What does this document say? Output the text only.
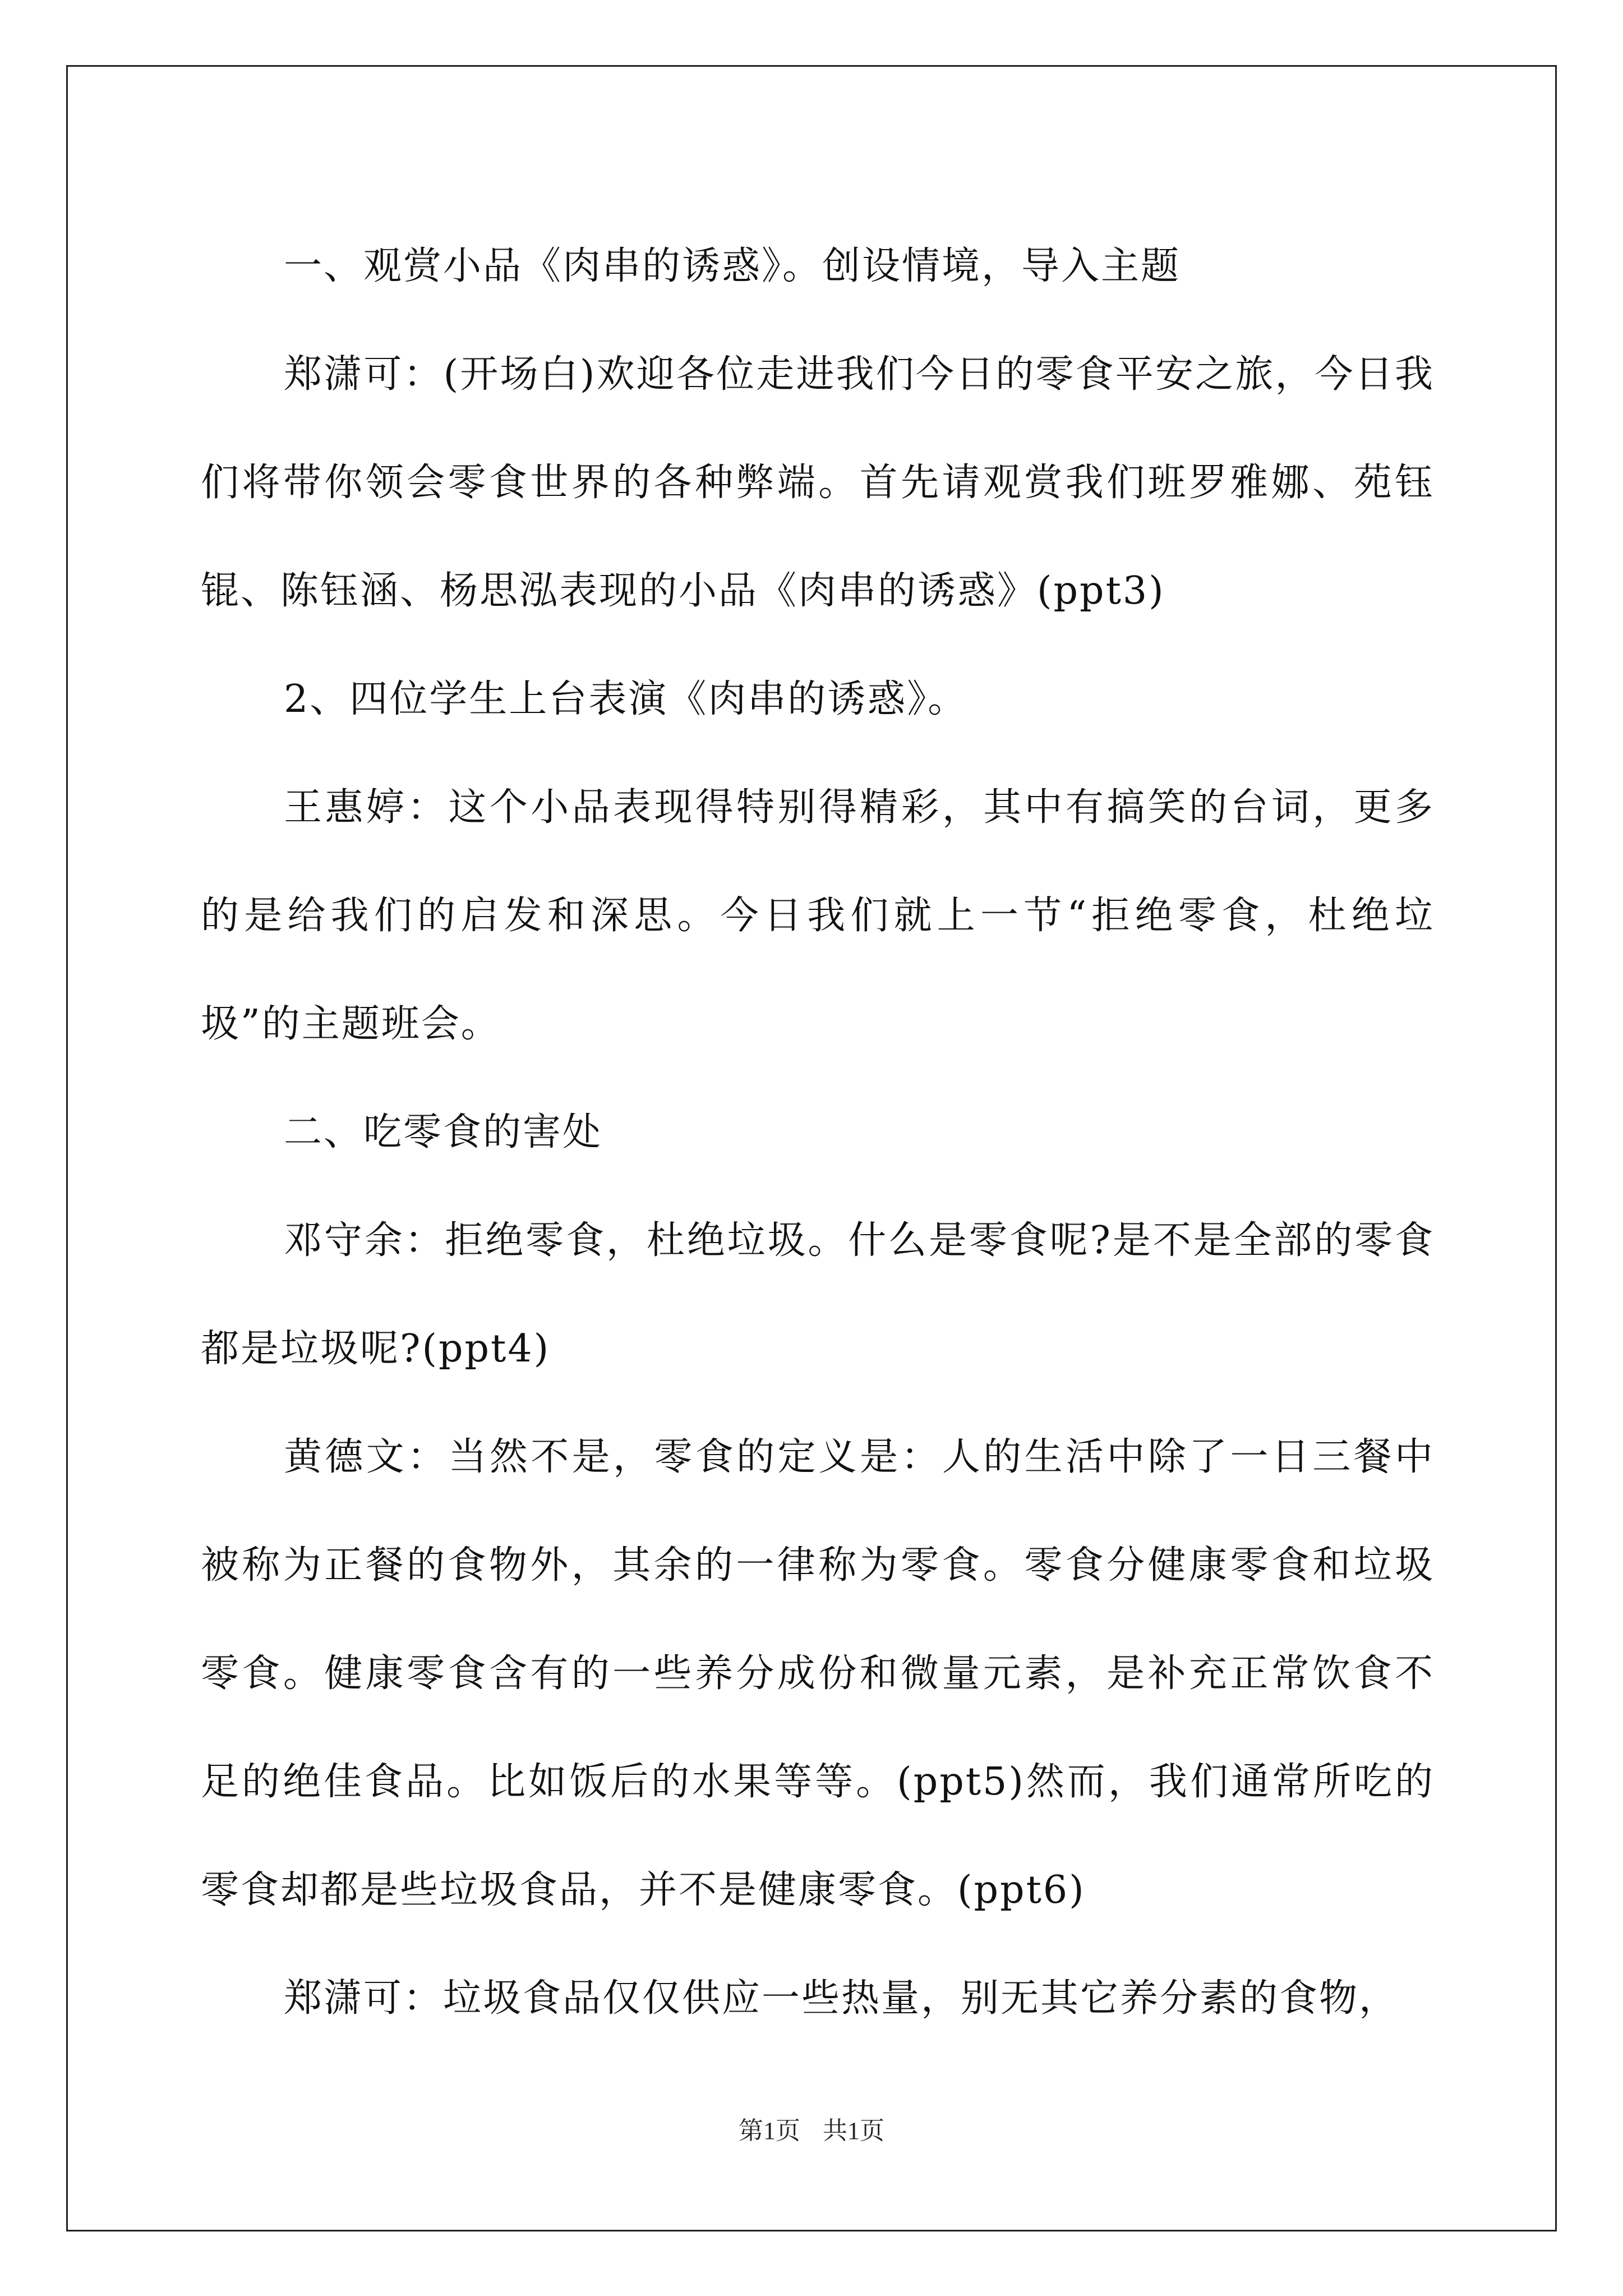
一、观赏小品《肉串的诱惑》。创设情境，导入主题

郑潇可：(开场白)欢迎各位走进我们今日的零食平安之旅，今日我们将带你领会零食世界的各种弊端。首先请观赏我们班罗雅娜、苑钰锟、陈钰涵、杨思泓表现的小品《肉串的诱惑》(ppt3)

2、四位学生上台表演《肉串的诱惑》。

王惠婷：这个小品表现得特别得精彩，其中有搞笑的台词，更多的是给我们的启发和深思。今日我们就上一节“拒绝零食，杜绝垃圾”的主题班会。

二、吃零食的害处

邓守余：拒绝零食，杜绝垃圾。什么是零食呢?是不是全部的零食都是垃圾呢?(ppt4)

黄德文：当然不是，零食的定义是：人的生活中除了一日三餐中被称为正餐的食物外，其余的一律称为零食。零食分健康零食和垃圾零食。健康零食含有的一些养分成份和微量元素，是补充正常饮食不足的绝佳食品。比如饭后的水果等等。(ppt5)然而，我们通常所吃的零食却都是些垃圾食品，并不是健康零食。(ppt6)

郑潇可：垃圾食品仅仅供应一些热量，别无其它养分素的食物，

第1页 共1页
